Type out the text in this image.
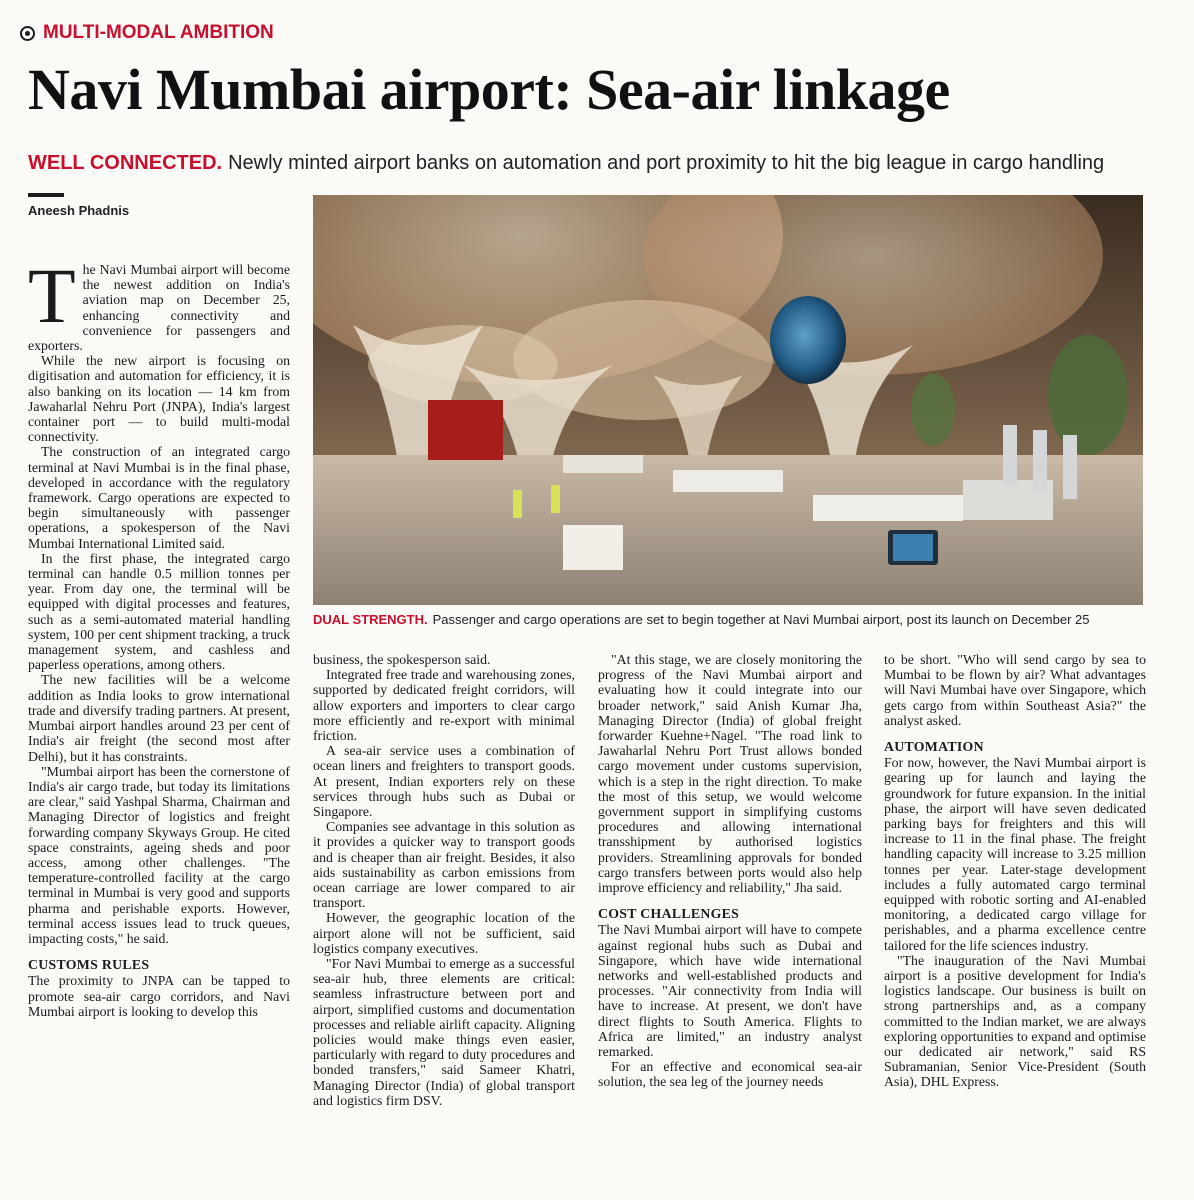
MULTI-MODAL AMBITION
Navi Mumbai airport: Sea-air linkage
WELL CONNECTED. Newly minted airport banks on automation and port proximity to hit the big league in cargo handling
Aneesh Phadnis
DUAL STRENGTH. Passenger and cargo operations are set to begin together at Navi Mumbai airport, post its launch on December 25

The Navi Mumbai airport will become the newest addition on India's aviation map on December 25, enhancing connectivity and convenience for passengers and exporters.

While the new airport is focusing on digitisation and automation for efficiency, it is also banking on its location — 14 km from Jawaharlal Nehru Port (JNPA), India's largest container port — to build multi-modal connectivity.

The construction of an integrated cargo terminal at Navi Mumbai is in the final phase, developed in accordance with the regulatory framework. Cargo operations are expected to begin simultaneously with passenger operations, a spokesperson of the Navi Mumbai International Limited said.

In the first phase, the integrated cargo terminal can handle 0.5 million tonnes per year. From day one, the terminal will be equipped with digital processes and features, such as a semi-automated material handling system, 100 per cent shipment tracking, a truck management system, and cashless and paperless operations, among others.

The new facilities will be a welcome addition as India looks to grow international trade and diversify trading partners. At present, Mumbai airport handles around 23 per cent of India's air freight (the second most after Delhi), but it has constraints.

"Mumbai airport has been the cornerstone of India's air cargo trade, but today its limitations are clear," said Yashpal Sharma, Chairman and Managing Director of logistics and freight forwarding company Skyways Group. He cited space constraints, ageing sheds and poor access, among other challenges. "The temperature-controlled facility at the cargo terminal in Mumbai is very good and supports pharma and perishable exports. However, terminal access issues lead to truck queues, impacting costs," he said.

CUSTOMS RULES

The proximity to JNPA can be tapped to promote sea-air cargo corridors, and Navi Mumbai airport is looking to develop this

business, the spokesperson said.

Integrated free trade and warehousing zones, supported by dedicated freight corridors, will allow exporters and importers to clear cargo more efficiently and re-export with minimal friction.

A sea-air service uses a combination of ocean liners and freighters to transport goods. At present, Indian exporters rely on these services through hubs such as Dubai or Singapore.

Companies see advantage in this solution as it provides a quicker way to transport goods and is cheaper than air freight. Besides, it also aids sustainability as carbon emissions from ocean carriage are lower compared to air transport.

However, the geographic location of the airport alone will not be sufficient, said logistics company executives.

"For Navi Mumbai to emerge as a successful sea-air hub, three elements are critical: seamless infrastructure between port and airport, simplified customs and documentation processes and reliable airlift capacity. Aligning policies would make things even easier, particularly with regard to duty procedures and bonded transfers," said Sameer Khatri, Managing Director (India) of global transport and logistics firm DSV.

"At this stage, we are closely monitoring the progress of the Navi Mumbai airport and evaluating how it could integrate into our broader network," said Anish Kumar Jha, Managing Director (India) of global freight forwarder Kuehne+Nagel. "The road link to Jawaharlal Nehru Port Trust allows bonded cargo movement under customs supervision, which is a step in the right direction. To make the most of this setup, we would welcome government support in simplifying customs procedures and allowing international transshipment by authorised logistics providers. Streamlining approvals for bonded cargo transfers between ports would also help improve efficiency and reliability," Jha said.

COST CHALLENGES

The Navi Mumbai airport will have to compete against regional hubs such as Dubai and Singapore, which have wide international networks and well-established products and processes. "Air connectivity from India will have to increase. At present, we don't have direct flights to South America. Flights to Africa are limited," an industry analyst remarked.

For an effective and economical sea-air solution, the sea leg of the journey needs

to be short. "Who will send cargo by sea to Mumbai to be flown by air? What advantages will Navi Mumbai have over Singapore, which gets cargo from within Southeast Asia?" the analyst asked.

AUTOMATION

For now, however, the Navi Mumbai airport is gearing up for launch and laying the groundwork for future expansion. In the initial phase, the airport will have seven dedicated parking bays for freighters and this will increase to 11 in the final phase. The freight handling capacity will increase to 3.25 million tonnes per year. Later-stage development includes a fully automated cargo terminal equipped with robotic sorting and AI-enabled monitoring, a dedicated cargo village for perishables, and a pharma excellence centre tailored for the life sciences industry.

"The inauguration of the Navi Mumbai airport is a positive development for India's logistics landscape. Our business is built on strong partnerships and, as a company committed to the Indian market, we are always exploring opportunities to expand and optimise our dedicated air network," said RS Subramanian, Senior Vice-President (South Asia), DHL Express.
